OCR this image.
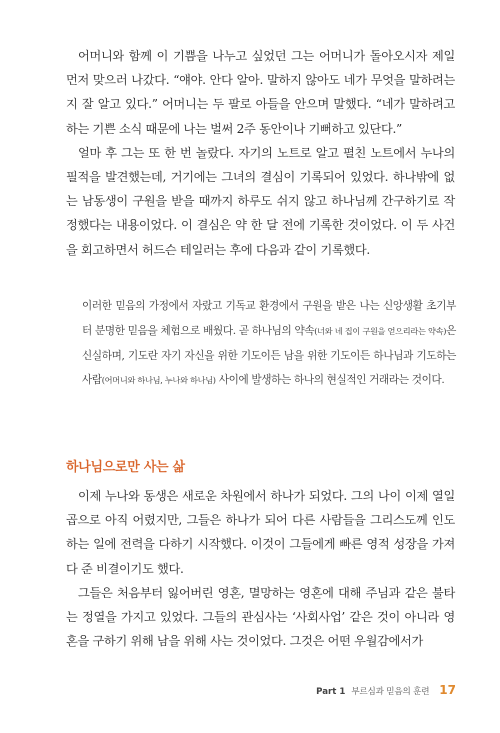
어머니와 함께 이 기쁨을 나누고 싶었던 그는 어머니가 돌아오시자 제일 먼저 맞으러 나갔다. “얘야. 안다 알아. 말하지 않아도 네가 무엇을 말하려는지 잘 알고 있다.” 어머니는 두 팔로 아들을 안으며 말했다. “네가 말하려고 하는 기쁜 소식 때문에 나는 벌써 2주 동안이나 기뻐하고 있단다.”

얼마 후 그는 또 한 번 놀랐다. 자기의 노트로 알고 펼친 노트에서 누나의 필적을 발견했는데, 거기에는 그녀의 결심이 기록되어 있었다. 하나밖에 없는 남동생이 구원을 받을 때까지 하루도 쉬지 않고 하나님께 간구하기로 작정했다는 내용이었다. 이 결심은 약 한 달 전에 기록한 것이었다. 이 두 사건을 회고하면서 허드슨 테일러는 후에 다음과 같이 기록했다.

이러한 믿음의 가정에서 자랐고 기독교 환경에서 구원을 받은 나는 신앙생활 초기부터 분명한 믿음을 체험으로 배웠다. 곧 하나님의 약속(너와 네 집이 구원을 얻으리라는 약속)은 신실하며, 기도란 자기 자신을 위한 기도이든 남을 위한 기도이든 하나님과 기도하는 사람(어머니와 하나님, 누나와 하나님) 사이에 발생하는 하나의 현실적인 거래라는 것이다.

하나님으로만 사는 삶

이제 누나와 동생은 새로운 차원에서 하나가 되었다. 그의 나이 이제 열일곱으로 아직 어렸지만, 그들은 하나가 되어 다른 사람들을 그리스도께 인도하는 일에 전력을 다하기 시작했다. 이것이 그들에게 빠른 영적 성장을 가져다 준 비결이기도 했다.

그들은 처음부터 잃어버린 영혼, 멸망하는 영혼에 대해 주님과 같은 불타는 정열을 가지고 있었다. 그들의 관심사는 ‘사회사업’ 같은 것이 아니라 영혼을 구하기 위해 남을 위해 사는 것이었다. 그것은 어떤 우월감에서가

Part 1 부르심과 믿음의 훈련 17
